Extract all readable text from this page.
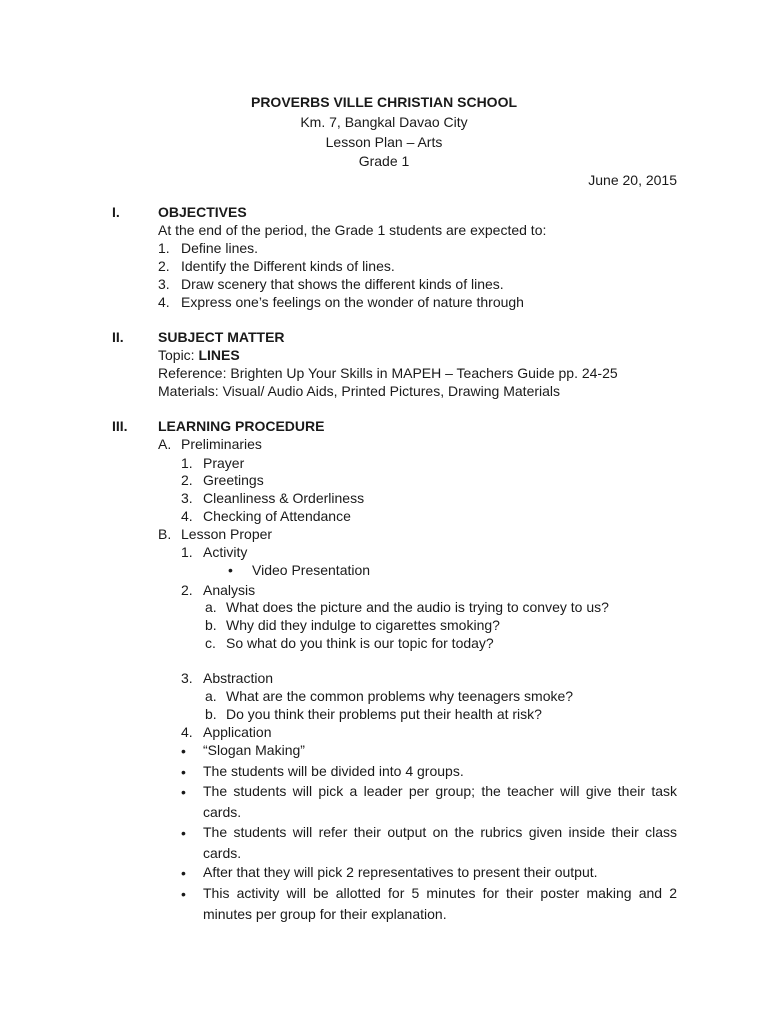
PROVERBS VILLE CHRISTIAN SCHOOL
Km. 7, Bangkal Davao City
Lesson Plan – Arts
Grade 1
June 20, 2015
I.	OBJECTIVES
At the end of the period, the Grade 1 students are expected to:
1. Define lines.
2. Identify the Different kinds of lines.
3. Draw scenery that shows the different kinds of lines.
4. Express one’s feelings on the wonder of nature through
II. SUBJECT MATTER
Topic: LINES
Reference: Brighten Up Your Skills in MAPEH – Teachers Guide pp. 24-25
Materials: Visual/ Audio Aids, Printed Pictures, Drawing Materials
III. LEARNING PROCEDURE
A. Preliminaries
1. Prayer
2. Greetings
3. Cleanliness & Orderliness
4. Checking of Attendance
B. Lesson Proper
1. Activity
• Video Presentation
2. Analysis
a. What does the picture and the audio is trying to convey to us?
b. Why did they indulge to cigarettes smoking?
c. So what do you think is our topic for today?
3. Abstraction
a. What are the common problems why teenagers smoke?
b. Do you think their problems put their health at risk?
4. Application
• “Slogan Making”
• The students will be divided into 4 groups.
• The students will pick a leader per group; the teacher will give their task cards.
• The students will refer their output on the rubrics given inside their class cards.
• After that they will pick 2 representatives to present their output.
• This activity will be allotted for 5 minutes for their poster making and 2 minutes per group for their explanation.
